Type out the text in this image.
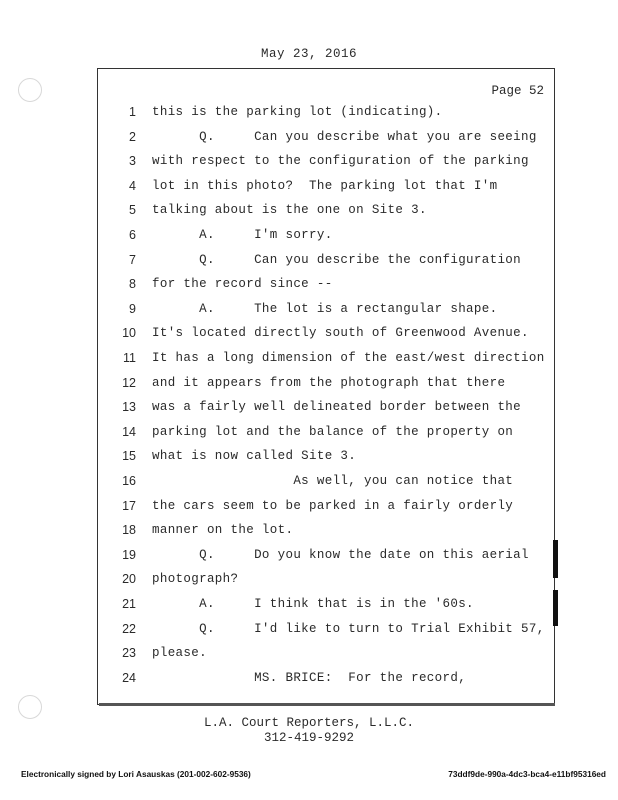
May 23, 2016
Page 52
1 this is the parking lot (indicating).
2 Q.     Can you describe what you are seeing
3 with respect to the configuration of the parking
4 lot in this photo?  The parking lot that I'm
5 talking about is the one on Site 3.
6 A.     I'm sorry.
7 Q.     Can you describe the configuration
8 for the record since --
9 A.     The lot is a rectangular shape.
10 It's located directly south of Greenwood Avenue.
11 It has a long dimension of the east/west direction
12 and it appears from the photograph that there
13 was a fairly well delineated border between the
14 parking lot and the balance of the property on
15 what is now called Site 3.
16 As well, you can notice that
17 the cars seem to be parked in a fairly orderly
18 manner on the lot.
19 Q.     Do you know the date on this aerial
20 photograph?
21 A.     I think that is in the '60s.
22 Q.     I'd like to turn to Trial Exhibit 57,
23 please.
24 MS. BRICE:  For the record,
L.A. Court Reporters, L.L.C.
312-419-9292
Electronically signed by Lori Asauskas (201-002-602-9536)	73ddf9de-990a-4dc3-bca4-e11bf95316ed
